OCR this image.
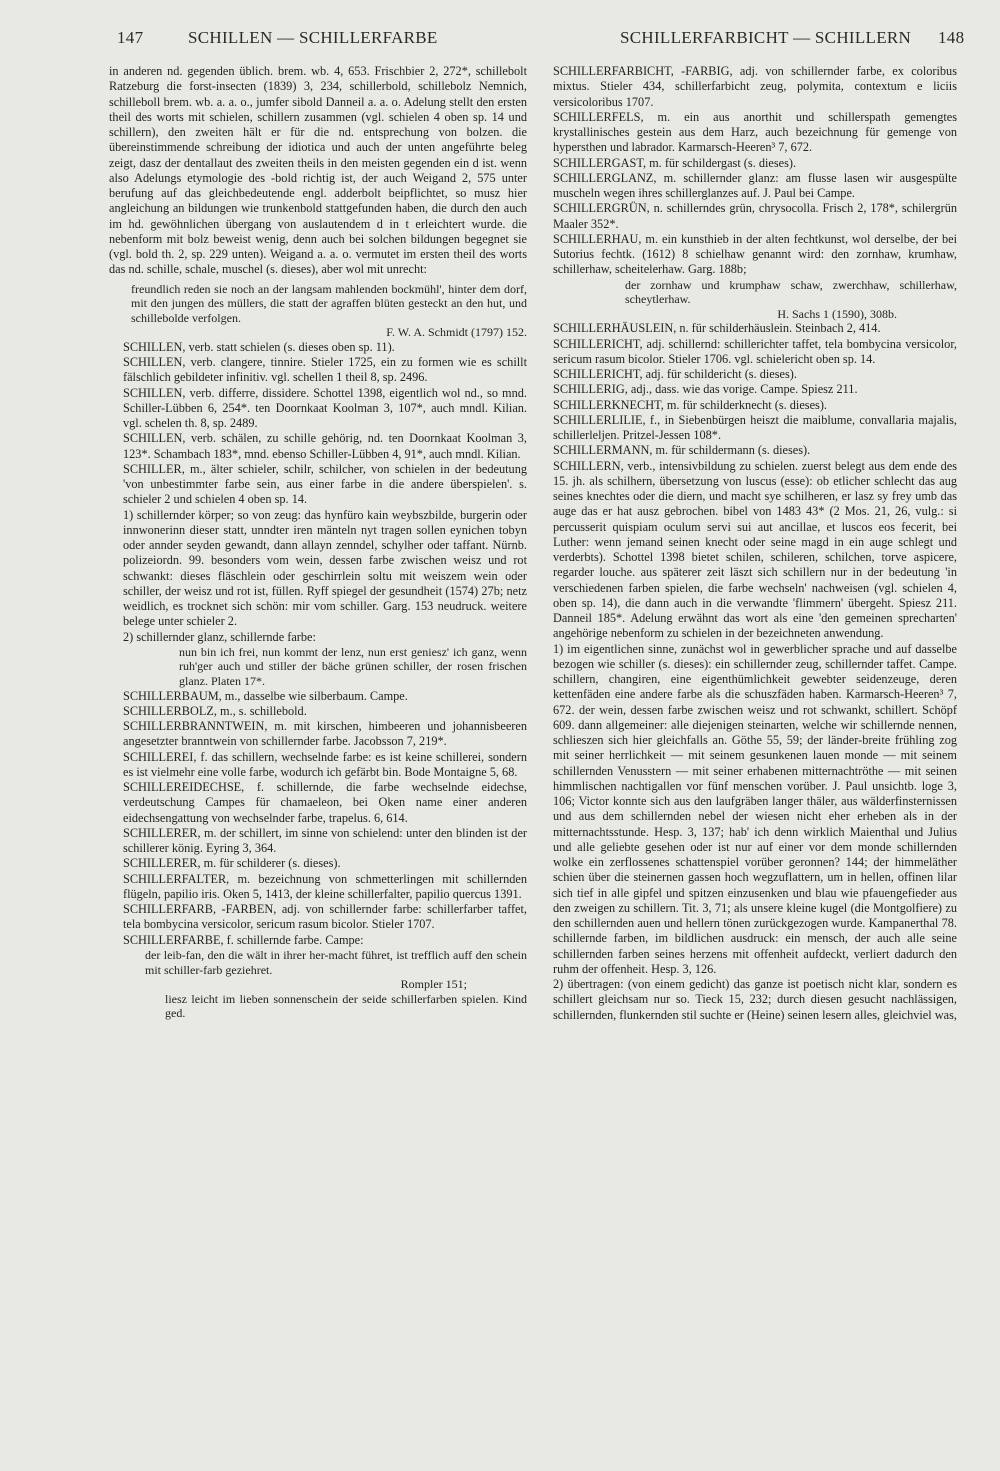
147	SCHILLEN — SCHILLERFARBE	SCHILLERFARBICHT — SCHILLERN 148

in anderen nd. gegenden üblich. brem. wb. 4, 653. Frischbier 2, 272*, schillebolt Ratzeburg die forst-insecten (1839) 3, 234, schillerbold, schillebolz Nemnich, schilleboll brem. wb. a. a. o., jumfer sibold Danneil a. a. o. Adelung stellt den ersten theil des worts mit schielen, schillern zusammen (vgl. schielen 4 oben sp. 14 und schillern), den zweiten hält er für die nd. entsprechung von bolzen. die übereinstimmende schreibung der idiotica und auch der unten angeführte beleg zeigt, dasz der dentallaut des zweiten theils in den meisten gegenden ein d ist. wenn also Adelungs etymologie des -bold richtig ist, der auch Weigand 2, 575 unter berufung auf das gleichbedeutende engl. adderbolt beipflichtet, so musz hier angleichung an bildungen wie trunkenbold stattgefunden haben, die durch den auch im hd. gewöhnlichen übergang von auslautendem d in t erleichtert wurde. die nebenform mit bolz beweist wenig, denn auch bei solchen bildungen begegnet sie (vgl. bold th. 2, sp. 229 unten). Weigand a. a. o. vermutet im ersten theil des worts das nd. schille, schale, muschel (s. dieses), aber wol mit unrecht:

freundlich reden sie noch an der langsam mahlenden bockmühl', hinter dem dorf, mit den jungen des müllers, die statt der agraffen blüten gesteckt an den hut, und schillebolde verfolgen.

F. W. A. Schmidt (1797) 152.

SCHILLEN, verb. statt schielen (s. dieses oben sp. 11).

SCHILLEN, verb. clangere, tinnire. Stieler 1725, ein zu formen wie es schillt fälschlich gebildeter infinitiv. vgl. schellen 1 theil 8, sp. 2496.

SCHILLEN, verb. differre, dissidere. Schottel 1398, eigentlich wol nd., so mnd. Schiller-Lübben 6, 254*. ten Doornkaat Koolman 3, 107*, auch mndl. Kilian. vgl. schelen th. 8, sp. 2489.

SCHILLEN, verb. schälen, zu schille gehörig, nd. ten Doornkaat Koolman 3, 123*. Schambach 183*, mnd. ebenso Schiller-Lübben 4, 91*, auch mndl. Kilian.

SCHILLER, m., älter schieler, schilr, schilcher, von schielen in der bedeutung 'von unbestimmter farbe sein, aus einer farbe in die andere überspielen'. s. schieler 2 und schielen 4 oben sp. 14.

1) schillernder körper; so von zeug: das hynfüro kain weybszbilde, burgerin oder innwonerinn dieser statt, unndter iren mänteln nyt tragen sollen eynichen tobyn oder annder seyden gewandt, dann allayn zenndel, schylher oder taffant. Nürnb. polizeiordn. 99. besonders vom wein, dessen farbe zwischen weisz und rot schwankt: dieses fläschlein oder geschirrlein soltu mit weiszem wein oder schiller, der weisz und rot ist, füllen. Ryff spiegel der gesundheit (1574) 27b; netz weidlich, es trocknet sich schön: mir vom schiller. Garg. 153 neudruck. weitere belege unter schieler 2.

2) schillernder glanz, schillernde farbe:

nun bin ich frei, nun kommt der lenz, nun erst geniesz' ich ganz, wenn ruh'ger auch und stiller der bäche grünen schiller, der rosen frischen glanz. Platen 17*.

SCHILLERBAUM, m., dasselbe wie silberbaum. Campe.

SCHILLERBOLZ, m., s. schillebold.

SCHILLERBRANNTWEIN, m. mit kirschen, himbeeren und johannisbeeren angesetzter branntwein von schillernder farbe. Jacobsson 7, 219*.

SCHILLEREI, f. das schillern, wechselnde farbe: es ist keine schillerei, sondern es ist vielmehr eine volle farbe, wodurch ich gefärbt bin. Bode Montaigne 5, 68.

SCHILLEREIDECHSE, f. schillernde, die farbe wechselnde eidechse, verdeutschung Campes für chamaeleon, bei Oken name einer anderen eidechsengattung von wechselnder farbe, trapelus. 6, 614.

SCHILLERER, m. der schillert, im sinne von schielend: unter den blinden ist der schillerer könig. Eyring 3, 364.

SCHILLERER, m. für schilderer (s. dieses).

SCHILLERFALTER, m. bezeichnung von schmetterlingen mit schillernden flügeln, papilio iris. Oken 5, 1413, der kleine schillerfalter, papilio quercus 1391.

SCHILLERFARB, -FARBEN, adj. von schillernder farbe: schillerfarber taffet, tela bombycina versicolor, sericum rasum bicolor. Stieler 1707.

SCHILLERFARBE, f. schillernde farbe. Campe:

der leib-fan, den die wält in ihrer her-macht führet, ist trefflich auff den schein mit schiller-farb geziehret.

Rompler 151;

liesz leicht im lieben sonnenschein der seide schillerfarben spielen. Kind ged.

SCHILLERFARBICHT, -FARBIG, adj. von schillernder farbe, ex coloribus mixtus. Stieler 434, schillerfarbicht zeug, polymita, contextum e liciis versicoloribus 1707.

SCHILLERFELS, m. ein aus anorthit und schillerspath gemengtes krystallinisches gestein aus dem Harz, auch bezeichnung für gemenge von hypersthen und labrador. Karmarsch-Heeren³ 7, 672.

SCHILLERGAST, m. für schildergast (s. dieses).

SCHILLERGLANZ, m. schillernder glanz: am flusse lasen wir ausgespülte muscheln wegen ihres schillerglanzes auf. J. Paul bei Campe.

SCHILLERGRÜN, n. schillerndes grün, chrysocolla. Frisch 2, 178*, schilergrün Maaler 352*.

SCHILLERHAU, m. ein kunsthieb in der alten fechtkunst, wol derselbe, der bei Sutorius fechtk. (1612) 8 schielhaw genannt wird: den zornhaw, krumhaw, schillerhaw, scheitelerhaw. Garg. 188b;

der zornhaw und krumphaw schaw, zwerchhaw, schillerhaw, scheytlerhaw.

H. Sachs 1 (1590), 308b.

SCHILLERHÄUSLEIN, n. für schilderhäuslein. Steinbach 2, 414.

SCHILLERICHT, adj. schillernd: schillerichter taffet, tela bombycina versicolor, sericum rasum bicolor. Stieler 1706. vgl. schielericht oben sp. 14.

SCHILLERICHT, adj. für schildericht (s. dieses).

SCHILLERIG, adj., dass. wie das vorige. Campe. Spiesz 211.

SCHILLERKNECHT, m. für schilderknecht (s. dieses).

SCHILLERLILIE, f., in Siebenbürgen heiszt die maiblume, convallaria majalis, schillerleljen. Pritzel-Jessen 108*.

SCHILLERMANN, m. für schildermann (s. dieses).

SCHILLERN, verb., intensivbildung zu schielen. zuerst belegt aus dem ende des 15. jh. als schilhern, übersetzung von luscus (esse): ob etlicher schlecht das aug seines knechtes oder die diern, und macht sye schilheren, er lasz sy frey umb das auge das er hat ausz gebrochen. bibel von 1483 43* (2 Mos. 21, 26, vulg.: si percusserit quispiam oculum servi sui aut ancillae, et luscos eos fecerit, bei Luther: wenn jemand seinen knecht oder seine magd in ein auge schlegt und verderbts). Schottel 1398 bietet schilen, schileren, schilchen, torve aspicere, regarder louche. aus späterer zeit läszt sich schillern nur in der bedeutung 'in verschiedenen farben spielen, die farbe wechseln' nachweisen (vgl. schielen 4, oben sp. 14), die dann auch in die verwandte 'flimmern' übergeht. Spiesz 211. Danneil 185*. Adelung erwähnt das wort als eine 'den gemeinen sprecharten' angehörige nebenform zu schielen in der bezeichneten anwendung.

1) im eigentlichen sinne, zunächst wol in gewerblicher sprache und auf dasselbe bezogen wie schiller (s. dieses): ein schillernder zeug, schillernder taffet. Campe. schillern, changiren, eine eigenthümlichkeit gewebter seidenzeuge, deren kettenfäden eine andere farbe als die schuszfäden haben. Karmarsch-Heeren³ 7, 672. der wein, dessen farbe zwischen weisz und rot schwankt, schillert. Schöpf 609. dann allgemeiner: alle diejenigen steinarten, welche wir schillernde nennen, schlieszen sich hier gleichfalls an. Göthe 55, 59; der länder-breite frühling zog mit seiner herrlichkeit — mit seinem gesunkenen lauen monde — mit seinem schillernden Venusstern — mit seiner erhabenen mitternachtröthe — mit seinen himmlischen nachtigallen vor fünf menschen vorüber. J. Paul unsichtb. loge 3, 106; Victor konnte sich aus den laufgräben langer thäler, aus wälderfinsternissen und aus dem schillernden nebel der wiesen nicht eher erheben als in der mitternachtsstunde. Hesp. 3, 137; hab' ich denn wirklich Maienthal und Julius und alle geliebte gesehen oder ist nur auf einer vor dem monde schillernden wolke ein zerflossenes schattenspiel vorüber geronnen? 144; der himmeläther schien über die steinernen gassen hoch wegzuflattern, um in hellen, offinen lilar sich tief in alle gipfel und spitzen einzusenken und blau wie pfauengefieder aus den zweigen zu schillern. Tit. 3, 71; als unsere kleine kugel (die Montgolfiere) zu den schillernden auen und hellern tönen zurückgezogen wurde. Kampanerthal 78. schillernde farben, im bildlichen ausdruck: ein mensch, der auch alle seine schillernden farben seines herzens mit offenheit aufdeckt, verliert dadurch den ruhm der offenheit. Hesp. 3, 126.

2) übertragen: (von einem gedicht) das ganze ist poetisch nicht klar, sondern es schillert gleichsam nur so. Tieck 15, 232; durch diesen gesucht nachlässigen, schillernden, flunkernden stil suchte er (Heine) seinen lesern alles, gleichviel was,
